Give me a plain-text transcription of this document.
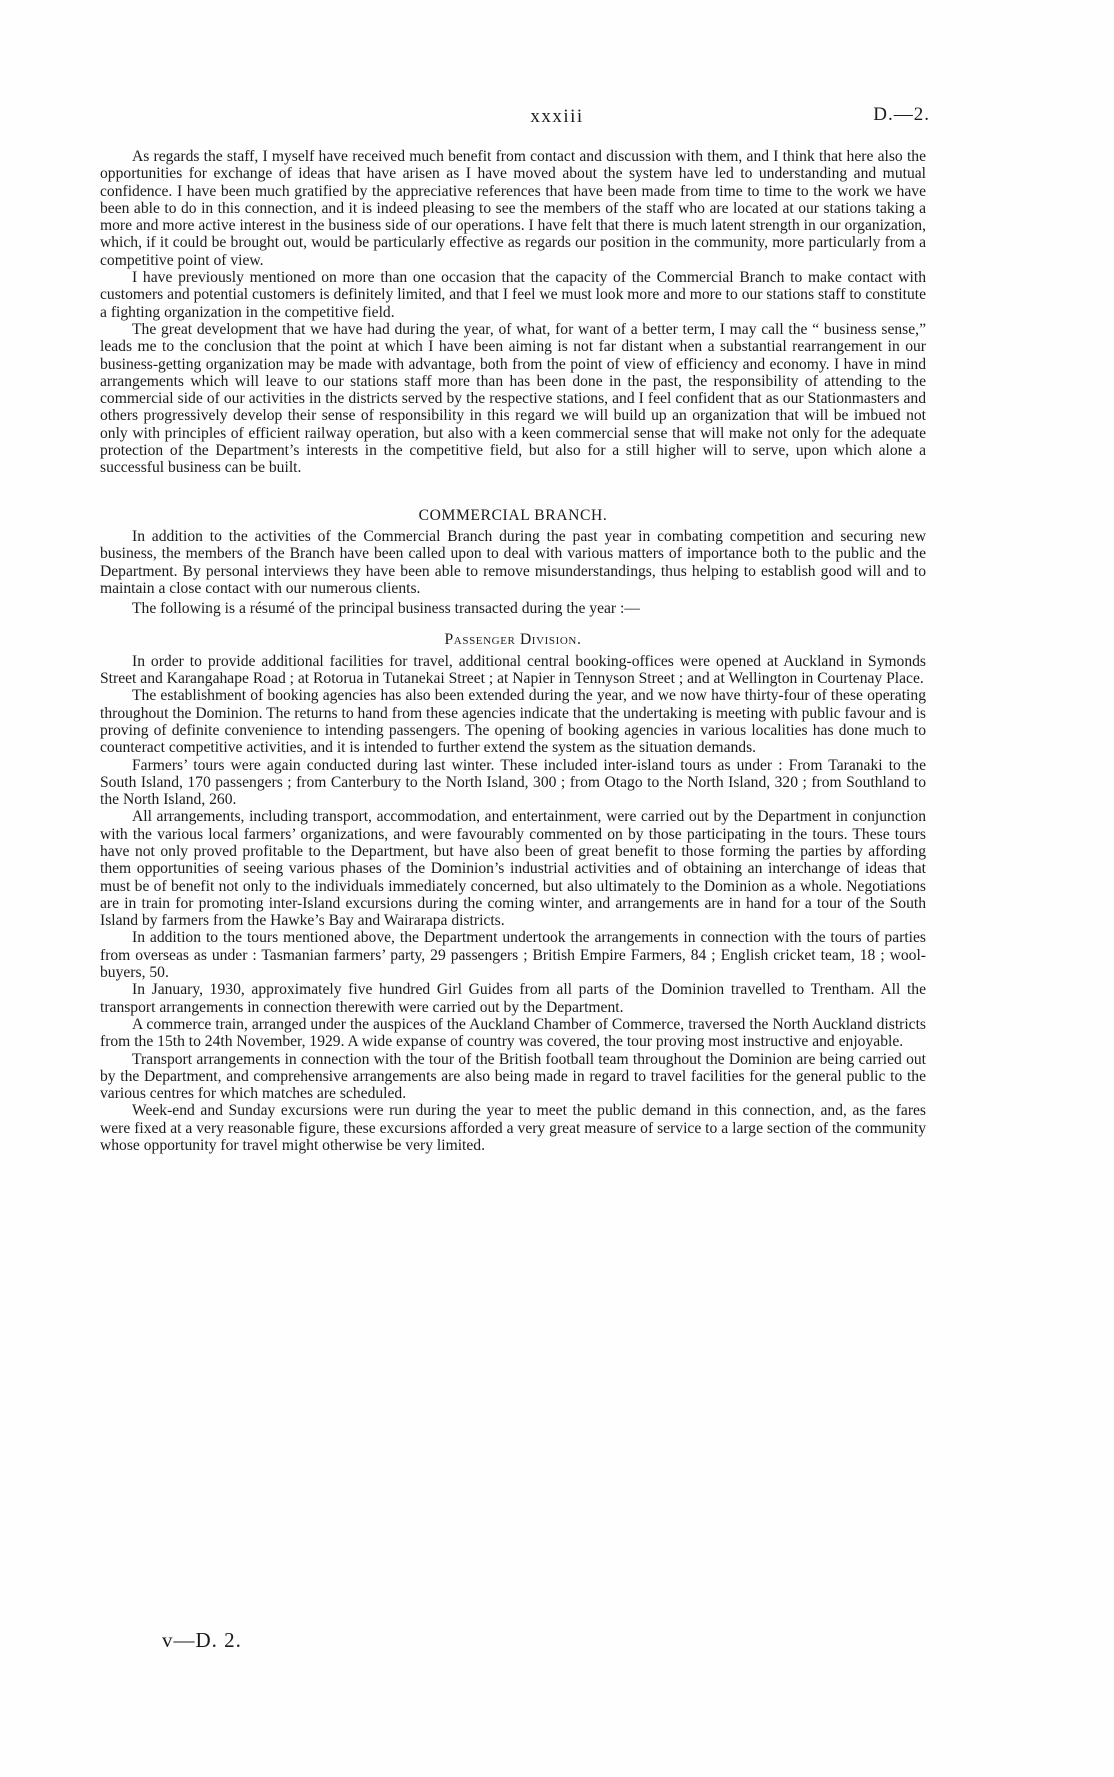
xxxiii	D.—2.

As regards the staff, I myself have received much benefit from contact and discussion with them, and I think that here also the opportunities for exchange of ideas that have arisen as I have moved about the system have led to understanding and mutual confidence. I have been much gratified by the appreciative references that have been made from time to time to the work we have been able to do in this connection, and it is indeed pleasing to see the members of the staff who are located at our stations taking a more and more active interest in the business side of our operations. I have felt that there is much latent strength in our organization, which, if it could be brought out, would be particularly effective as regards our position in the community, more particularly from a competitive point of view.

I have previously mentioned on more than one occasion that the capacity of the Commercial Branch to make contact with customers and potential customers is definitely limited, and that I feel we must look more and more to our stations staff to constitute a fighting organization in the competitive field.

The great development that we have had during the year, of what, for want of a better term, I may call the “ business sense,” leads me to the conclusion that the point at which I have been aiming is not far distant when a substantial rearrangement in our business-getting organization may be made with advantage, both from the point of view of efficiency and economy. I have in mind arrangements which will leave to our stations staff more than has been done in the past, the responsibility of attending to the commercial side of our activities in the districts served by the respective stations, and I feel confident that as our Stationmasters and others progressively develop their sense of responsibility in this regard we will build up an organization that will be imbued not only with principles of efficient railway operation, but also with a keen commercial sense that will make not only for the adequate protection of the Department’s interests in the competitive field, but also for a still higher will to serve, upon which alone a successful business can be built.

COMMERCIAL BRANCH.

In addition to the activities of the Commercial Branch during the past year in combating competition and securing new business, the members of the Branch have been called upon to deal with various matters of importance both to the public and the Department. By personal interviews they have been able to remove misunderstandings, thus helping to establish good will and to maintain a close contact with our numerous clients.

The following is a résumé of the principal business transacted during the year :—

Passenger Division.

In order to provide additional facilities for travel, additional central booking-offices were opened at Auckland in Symonds Street and Karangahape Road ; at Rotorua in Tutanekai Street ; at Napier in Tennyson Street ; and at Wellington in Courtenay Place.

The establishment of booking agencies has also been extended during the year, and we now have thirty-four of these operating throughout the Dominion. The returns to hand from these agencies indicate that the undertaking is meeting with public favour and is proving of definite convenience to intending passengers. The opening of booking agencies in various localities has done much to counteract competitive activities, and it is intended to further extend the system as the situation demands.

Farmers’ tours were again conducted during last winter. These included inter-island tours as under : From Taranaki to the South Island, 170 passengers ; from Canterbury to the North Island, 300 ; from Otago to the North Island, 320 ; from Southland to the North Island, 260.

All arrangements, including transport, accommodation, and entertainment, were carried out by the Department in conjunction with the various local farmers’ organizations, and were favourably commented on by those participating in the tours. These tours have not only proved profitable to the Department, but have also been of great benefit to those forming the parties by affording them opportunities of seeing various phases of the Dominion’s industrial activities and of obtaining an interchange of ideas that must be of benefit not only to the individuals immediately concerned, but also ultimately to the Dominion as a whole. Negotiations are in train for promoting inter-Island excursions during the coming winter, and arrangements are in hand for a tour of the South Island by farmers from the Hawke’s Bay and Wairarapa districts.

In addition to the tours mentioned above, the Department undertook the arrangements in connection with the tours of parties from overseas as under : Tasmanian farmers’ party, 29 passengers ; British Empire Farmers, 84 ; English cricket team, 18 ; wool-buyers, 50.

In January, 1930, approximately five hundred Girl Guides from all parts of the Dominion travelled to Trentham. All the transport arrangements in connection therewith were carried out by the Department.

A commerce train, arranged under the auspices of the Auckland Chamber of Commerce, traversed the North Auckland districts from the 15th to 24th November, 1929. A wide expanse of country was covered, the tour proving most instructive and enjoyable.

Transport arrangements in connection with the tour of the British football team throughout the Dominion are being carried out by the Department, and comprehensive arrangements are also being made in regard to travel facilities for the general public to the various centres for which matches are scheduled.

Week-end and Sunday excursions were run during the year to meet the public demand in this connection, and, as the fares were fixed at a very reasonable figure, these excursions afforded a very great measure of service to a large section of the community whose opportunity for travel might otherwise be very limited.

v—D. 2.
